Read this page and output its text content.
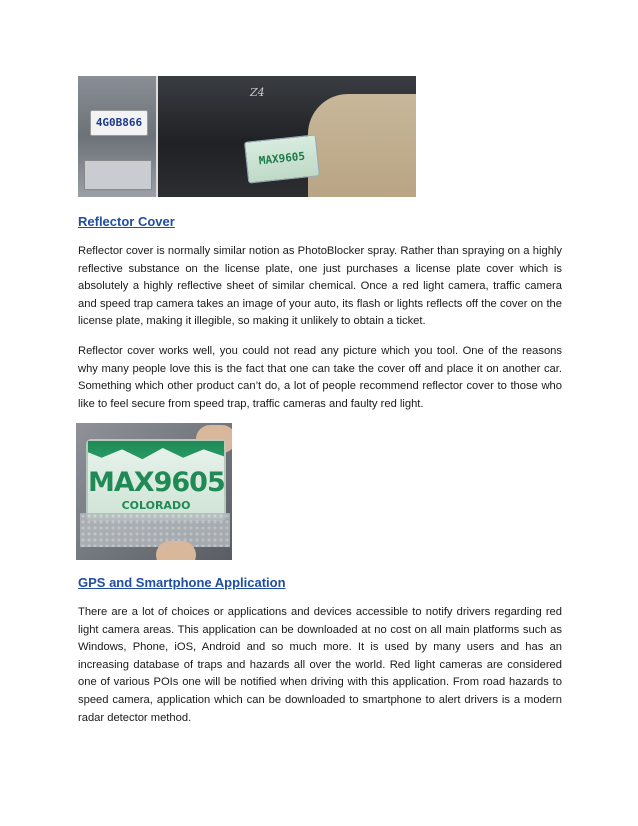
4G0B866
Z4
MAX9605
Reflector Cover

Reflector cover is normally similar notion as PhotoBlocker spray. Rather than spraying on a highly reflective substance on the license plate, one just purchases a license plate cover which is absolutely a highly reflective sheet of similar chemical. Once a red light camera, traffic camera and speed trap camera takes an image of your auto, its flash or lights reflects off the cover on the license plate, making it illegible, so making it unlikely to obtain a ticket.

Reflector cover works well, you could not read any picture which you tool. One of the reasons why many people love this is the fact that one can take the cover off and place it on another car. Something which other product can’t do, a lot of people recommend reflector cover to those who like to feel secure from speed trap, traffic cameras and faulty red light.

MAX9605
COLORADO
GPS and Smartphone Application

There are a lot of choices or applications and devices accessible to notify drivers regarding red light camera areas. This application can be downloaded at no cost on all main platforms such as Windows, Phone, iOS, Android and so much more. It is used by many users and has an increasing database of traps and hazards all over the world. Red light cameras are considered one of various POIs one will be notified when driving with this application. From road hazards to speed camera, application which can be downloaded to smartphone to alert drivers is a modern radar detector method.
